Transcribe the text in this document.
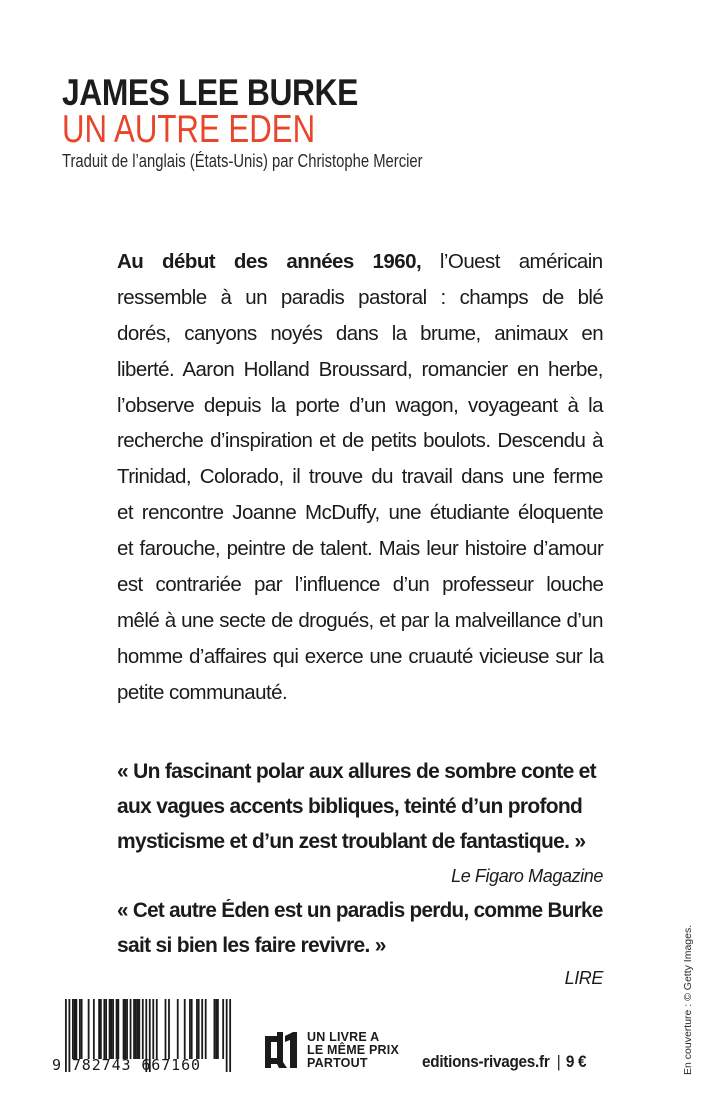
JAMES LEE BURKE
UN AUTRE EDEN
Traduit de l’anglais (États-Unis) par Christophe Mercier
Au début des années 1960, l’Ouest américain
ressemble à un paradis pastoral : champs de blé
dorés, canyons noyés dans la brume, animaux en
liberté. Aaron Holland Broussard, romancier en herbe,
l’observe depuis la porte d’un wagon, voyageant à la
recherche d’inspiration et de petits boulots. Descendu à
Trinidad, Colorado, il trouve du travail dans une ferme
et rencontre Joanne McDuffy, une étudiante éloquente
et farouche, peintre de talent. Mais leur histoire d’amour
est contrariée par l’influence d’un professeur louche
mêlé à une secte de drogués, et par la malveillance d’un
homme d’affaires qui exerce une cruauté vicieuse sur la
petite communauté.
« Un fascinant polar aux allures de sombre conte et
aux vagues accents bibliques, teinté d’un profond
mysticisme et d’un zest troublant de fantastique. »
Le Figaro Magazine
« Cet autre Éden est un paradis perdu, comme Burke
sait si bien les faire revivre. »
LIRE
9 782743 667160
UN LIVRE A
LE MÊME PRIX
PARTOUT	editions-rivages.fr | 9 €	En couverture : © Getty Images.
